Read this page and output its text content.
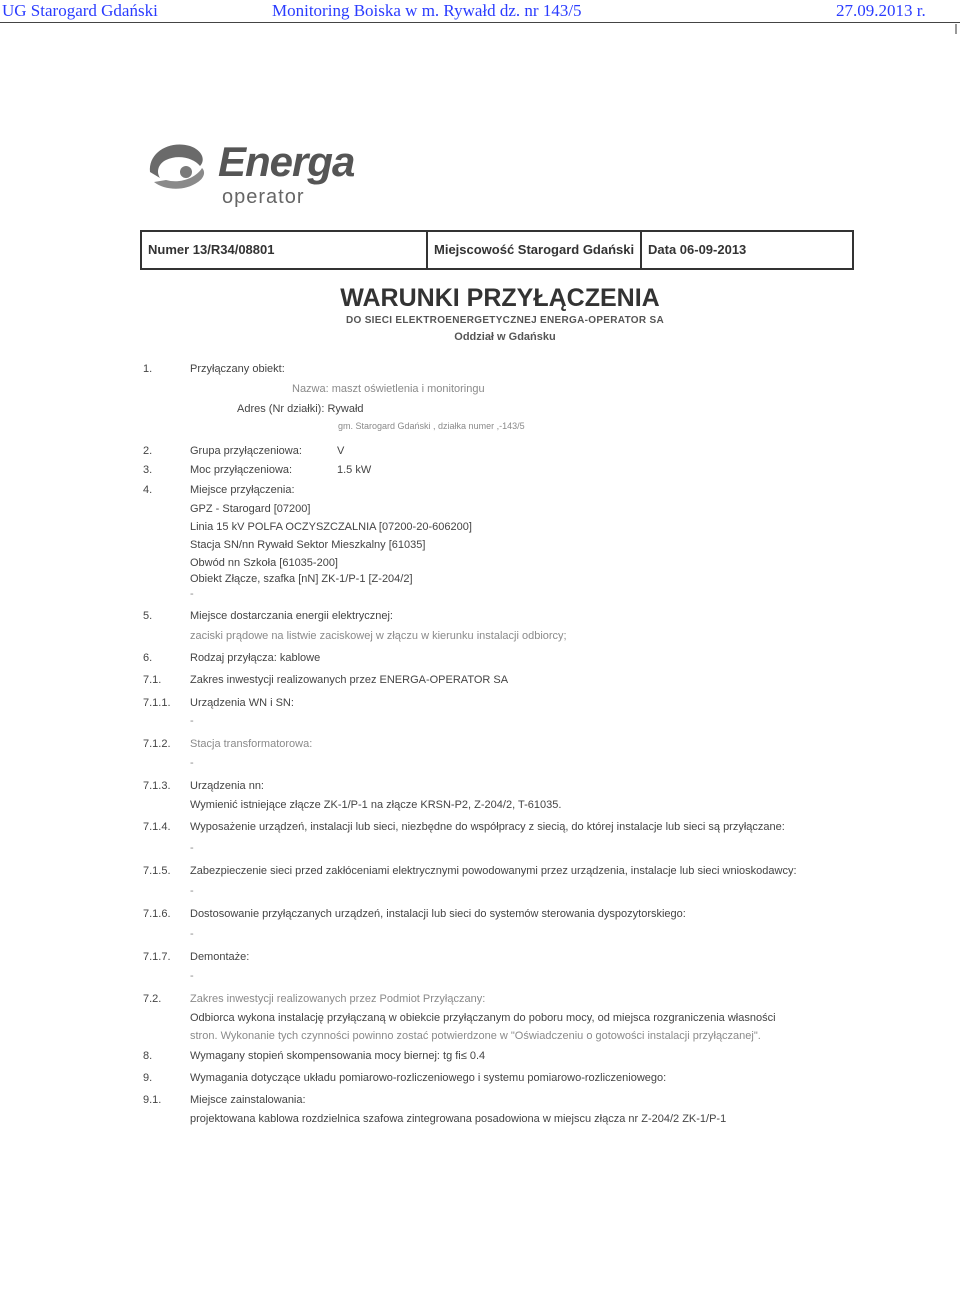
UG Starogard Gdański	Monitoring Boiska w m. Rywałd dz. nr 143/5	27.09.2013 r.
Energa
operator
Numer 13/R34/08801	Miejscowość Starogard Gdański	Data 06-09-2013
WARUNKI PRZYŁĄCZENIA
DO SIECI ELEKTROENERGETYCZNEJ ENERGA-OPERATOR SA
Oddział w Gdańsku
1.	Przyłączany obiekt:
Nazwa: maszt oświetlenia i monitoringu
Adres (Nr działki): Rywałd
gm. Starogard Gdański , działka numer ,-143/5
2.	Grupa przyłączeniowa:	V
3.	Moc przyłączeniowa:	1.5 kW
4.	Miejsce przyłączenia:
GPZ - Starogard [07200]
Linia 15 kV POLFA OCZYSZCZALNIA [07200-20-606200]
Stacja SN/nn Rywałd Sektor Mieszkalny [61035]
Obwód nn Szkoła [61035-200]
Obiekt Złącze, szafka [nN] ZK-1/P-1 [Z-204/2]
-
5.	Miejsce dostarczania energii elektrycznej:
zaciski prądowe na listwie zaciskowej w złączu w kierunku instalacji odbiorcy;
6.	Rodzaj przyłącza: kablowe
7.1.	Zakres inwestycji realizowanych przez ENERGA-OPERATOR SA
7.1.1. Urządzenia WN i SN:
-
7.1.2. Stacja transformatorowa:
-
7.1.3. Urządzenia nn:
Wymienić istniejące złącze ZK-1/P-1 na złącze KRSN-P2, Z-204/2, T-61035.
7.1.4. Wyposażenie urządzeń, instalacji lub sieci, niezbędne do współpracy z siecią, do której instalacje lub sieci są przyłączane:
-
7.1.5. Zabezpieczenie sieci przed zakłóceniami elektrycznymi powodowanymi przez urządzenia, instalacje lub sieci wnioskodawcy:
-
7.1.6. Dostosowanie przyłączanych urządzeń, instalacji lub sieci do systemów sterowania dyspozytorskiego:
-
7.1.7. Demontaże:
-
7.2.	Zakres inwestycji realizowanych przez Podmiot Przyłączany:
Odbiorca wykona instalację przyłączaną w obiekcie przyłączanym do poboru mocy, od miejsca rozgraniczenia własności
stron. Wykonanie tych czynności powinno zostać potwierdzone w "Oświadczeniu o gotowości instalacji przyłączanej".
8.	Wymagany stopień skompensowania mocy biernej: tg fi≤ 0.4
9.	Wymagania dotyczące układu pomiarowo-rozliczeniowego i systemu pomiarowo-rozliczeniowego:
9.1.	Miejsce zainstalowania:
projektowana kablowa rozdzielnica szafowa zintegrowana posadowiona w miejscu złącza nr Z-204/2 ZK-1/P-1
